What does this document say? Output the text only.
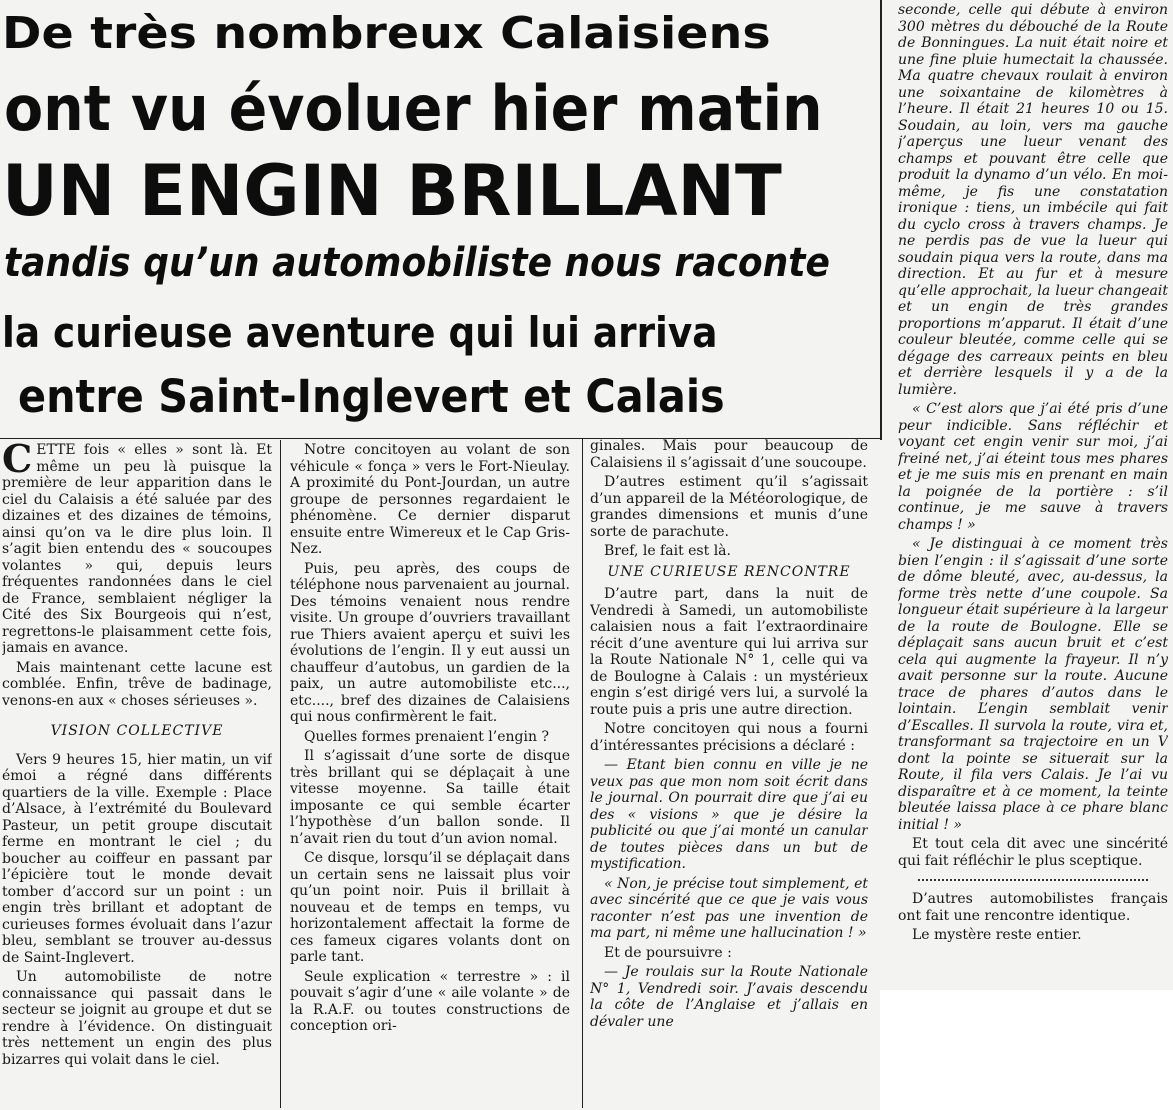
De très nombreux Calaisiens
ont vu évoluer hier matin
UN ENGIN BRILLANT
tandis qu’un automobiliste nous raconte
la curieuse aventure qui lui arriva
entre Saint-Inglevert et Calais

CETTE fois « elles » sont là. Et même un peu là puisque la première de leur apparition dans le ciel du Calaisis a été saluée par des dizaines et des dizaines de témoins, ainsi qu’on va le dire plus loin. Il s’agit bien entendu des « soucoupes volantes » qui, depuis leurs fréquentes randonnées dans le ciel de France, semblaient négliger la Cité des Six Bourgeois qui n’est, regrettons-le plaisamment cette fois, jamais en avance.

Mais maintenant cette lacune est comblée. Enfin, trêve de badinage, venons-en aux « choses sérieuses ».

VISION COLLECTIVE

Vers 9 heures 15, hier matin, un vif émoi a régné dans différents quartiers de la ville. Exemple : Place d’Alsace, à l’extrémité du Boulevard Pasteur, un petit groupe discutait ferme en montrant le ciel ; du boucher au coiffeur en passant par l’épicière tout le monde devait tomber d’accord sur un point : un engin très brillant et adoptant de curieuses formes évoluait dans l’azur bleu, semblant se trouver au-dessus de Saint-Inglevert.

Un automobiliste de notre connaissance qui passait dans le secteur se joignit au groupe et dut se rendre à l’évidence. On distinguait très nettement un engin des plus bizarres qui volait dans le ciel.

Notre concitoyen au volant de son véhicule « fonça » vers le Fort-Nieulay. A proximité du Pont-Jourdan, un autre groupe de personnes regardaient le phénomène. Ce dernier disparut ensuite entre Wimereux et le Cap Gris-Nez.

Puis, peu après, des coups de téléphone nous parvenaient au journal. Des témoins venaient nous rendre visite. Un groupe d’ouvriers travaillant rue Thiers avaient aperçu et suivi les évolutions de l’engin. Il y eut aussi un chauffeur d’autobus, un gardien de la paix, un autre automobiliste etc..., etc...., bref des dizaines de Calaisiens qui nous confirmèrent le fait.

Quelles formes prenaient l’engin ?

Il s’agissait d’une sorte de disque très brillant qui se déplaçait à une vitesse moyenne. Sa taille était imposante ce qui semble écarter l’hypothèse d’un ballon sonde. Il n’avait rien du tout d’un avion nomal.

Ce disque, lorsqu’il se déplaçait dans un certain sens ne laissait plus voir qu’un point noir. Puis il brillait à nouveau et de temps en temps, vu horizontalement affectait la forme de ces fameux cigares volants dont on parle tant.

Seule explication « terrestre » : il pouvait s’agir d’une « aile volante » de la R.A.F. ou toutes constructions de conception ori-

ginales. Mais pour beaucoup de Calaisiens il s’agissait d’une soucoupe.

D’autres estiment qu’il s’agissait d’un appareil de la Météorologique, de grandes dimensions et munis d’une sorte de parachute.

Bref, le fait est là.

UNE CURIEUSE RENCONTRE

D’autre part, dans la nuit de Vendredi à Samedi, un automobiliste calaisien nous a fait l’extraordinaire récit d’une aventure qui lui arriva sur la Route Nationale N° 1, celle qui va de Boulogne à Calais : un mystérieux engin s’est dirigé vers lui, a survolé la route puis a pris une autre direction.

Notre concitoyen qui nous a fourni d’intéressantes précisions a déclaré :

— Etant bien connu en ville je ne veux pas que mon nom soit écrit dans le journal. On pourrait dire que j’ai eu des « visions » que je désire la publicité ou que j’ai monté un canular de toutes pièces dans un but de mystification.

« Non, je précise tout simplement, et avec sincérité que ce que je vais vous raconter n’est pas une invention de ma part, ni même une hallucination ! »

Et de poursuivre :

— Je roulais sur la Route Nationale N° 1, Vendredi soir. J’avais descendu la côte de l’Anglaise et j’allais en dévaler une

seconde, celle qui débute à environ 300 mètres du débouché de la Route de Bonningues. La nuit était noire et une fine pluie humectait la chaussée. Ma quatre chevaux roulait à environ une soixantaine de kilomètres à l’heure. Il était 21 heures 10 ou 15. Soudain, au loin, vers ma gauche j’aperçus une lueur venant des champs et pouvant être celle que produit la dynamo d’un vélo. En moi-même, je fis une constatation ironique : tiens, un imbécile qui fait du cyclo cross à travers champs. Je ne perdis pas de vue la lueur qui soudain piqua vers la route, dans ma direction. Et au fur et à mesure qu’elle approchait, la lueur changeait et un engin de très grandes proportions m’apparut. Il était d’une couleur bleutée, comme celle qui se dégage des carreaux peints en bleu et derrière lesquels il y a de la lumière.

« C’est alors que j’ai été pris d’une peur indicible. Sans réfléchir et voyant cet engin venir sur moi, j’ai freiné net, j’ai éteint tous mes phares et je me suis mis en prenant en main la poignée de la portière : s’il continue, je me sauve à travers champs ! »

« Je distinguai à ce moment très bien l’engin : il s’agissait d’une sorte de dôme bleuté, avec, au-dessus, la forme très nette d’une coupole. Sa longueur était supérieure à la largeur de la route de Boulogne. Elle se déplaçait sans aucun bruit et c’est cela qui augmente la frayeur. Il n’y avait personne sur la route. Aucune trace de phares d’autos dans le lointain. L’engin semblait venir d’Escalles. Il survola la route, vira et, transformant sa trajectoire en un V dont la pointe se situerait sur la Route, il fila vers Calais. Je l’ai vu disparaître et à ce moment, la teinte bleutée laissa place à ce phare blanc initial ! »

Et tout cela dit avec une sincérité qui fait réfléchir le plus sceptique.

D’autres automobilistes français ont fait une rencontre identique.

Le mystère reste entier.
